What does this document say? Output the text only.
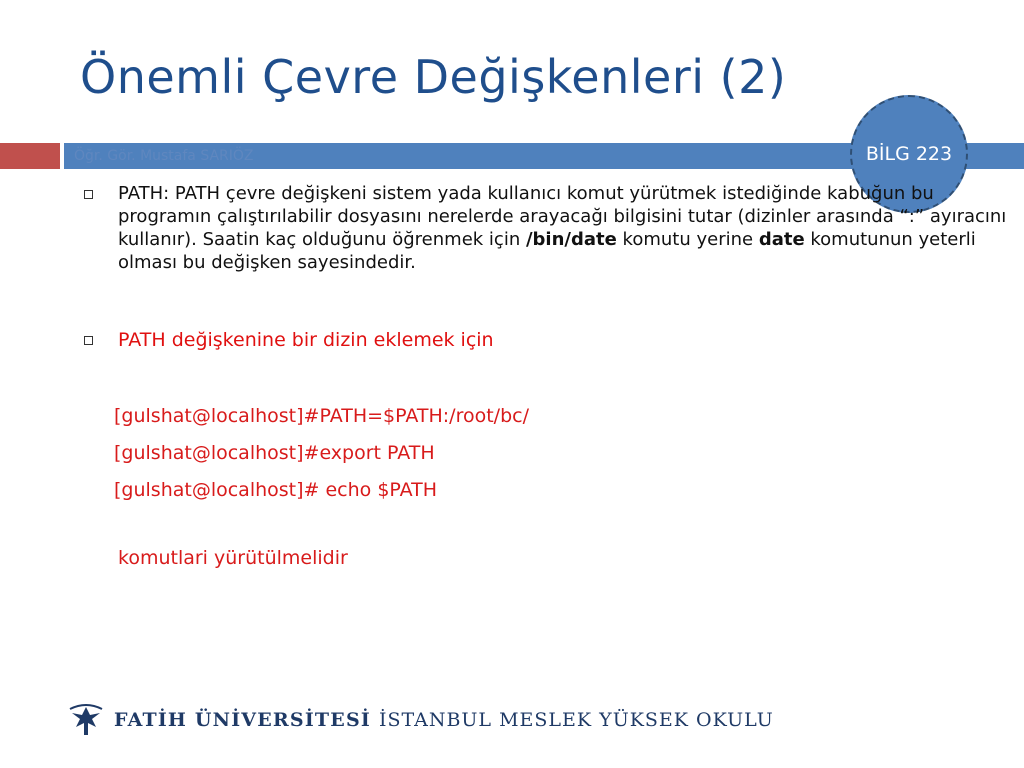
Önemli Çevre Değişkenleri (2)
Öğr. Gör. Mustafa SARIÖZ	BİLG 223
PATH: PATH çevre değişkeni sistem yada kullanıcı komut yürütmek istediğinde kabuğun bu programın çalıştırılabilir dosyasını nerelerde arayacağı bilgisini tutar (dizinler arasında “:” ayıracını kullanır). Saatin kaç olduğunu öğrenmek için /bin/date komutu yerine date komutunun yeterli olması bu değişken sayesindedir.
PATH değişkenine bir dizin eklemek için
[gulshat@localhost]#PATH=$PATH:/root/bc/
[gulshat@localhost]#export PATH
[gulshat@localhost]# echo $PATH
komutlari yürütülmelidir
FATİH ÜNİVERSİTESİ İSTANBUL MESLEK YÜKSEK OKULU
